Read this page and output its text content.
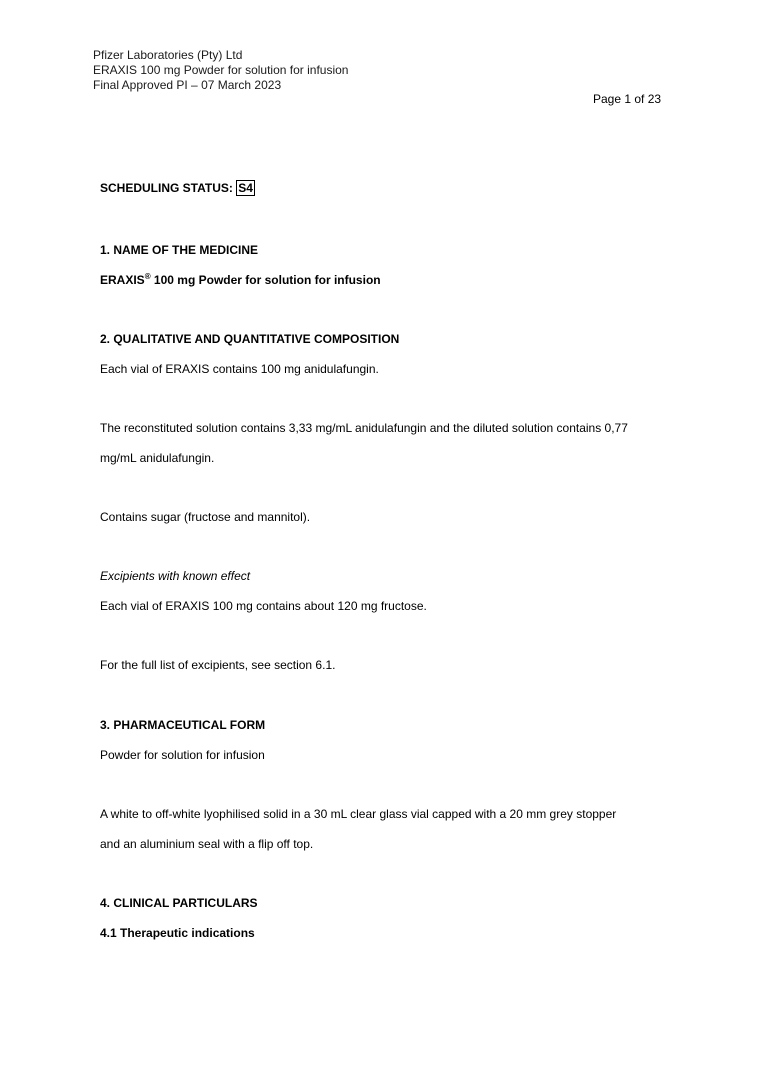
Pfizer Laboratories (Pty) Ltd
ERAXIS 100 mg Powder for solution for infusion
Final Approved PI – 07 March 2023
Page 1 of 23
SCHEDULING STATUS: S4
1. NAME OF THE MEDICINE
ERAXIS® 100 mg Powder for solution for infusion
2. QUALITATIVE AND QUANTITATIVE COMPOSITION
Each vial of ERAXIS contains 100 mg anidulafungin.
The reconstituted solution contains 3,33 mg/mL anidulafungin and the diluted solution contains 0,77
mg/mL anidulafungin.
Contains sugar (fructose and mannitol).
Excipients with known effect
Each vial of ERAXIS 100 mg contains about 120 mg fructose.
For the full list of excipients, see section 6.1.
3. PHARMACEUTICAL FORM
Powder for solution for infusion
A white to off-white lyophilised solid in a 30 mL clear glass vial capped with a 20 mm grey stopper
and an aluminium seal with a flip off top.
4. CLINICAL PARTICULARS
4.1 Therapeutic indications
